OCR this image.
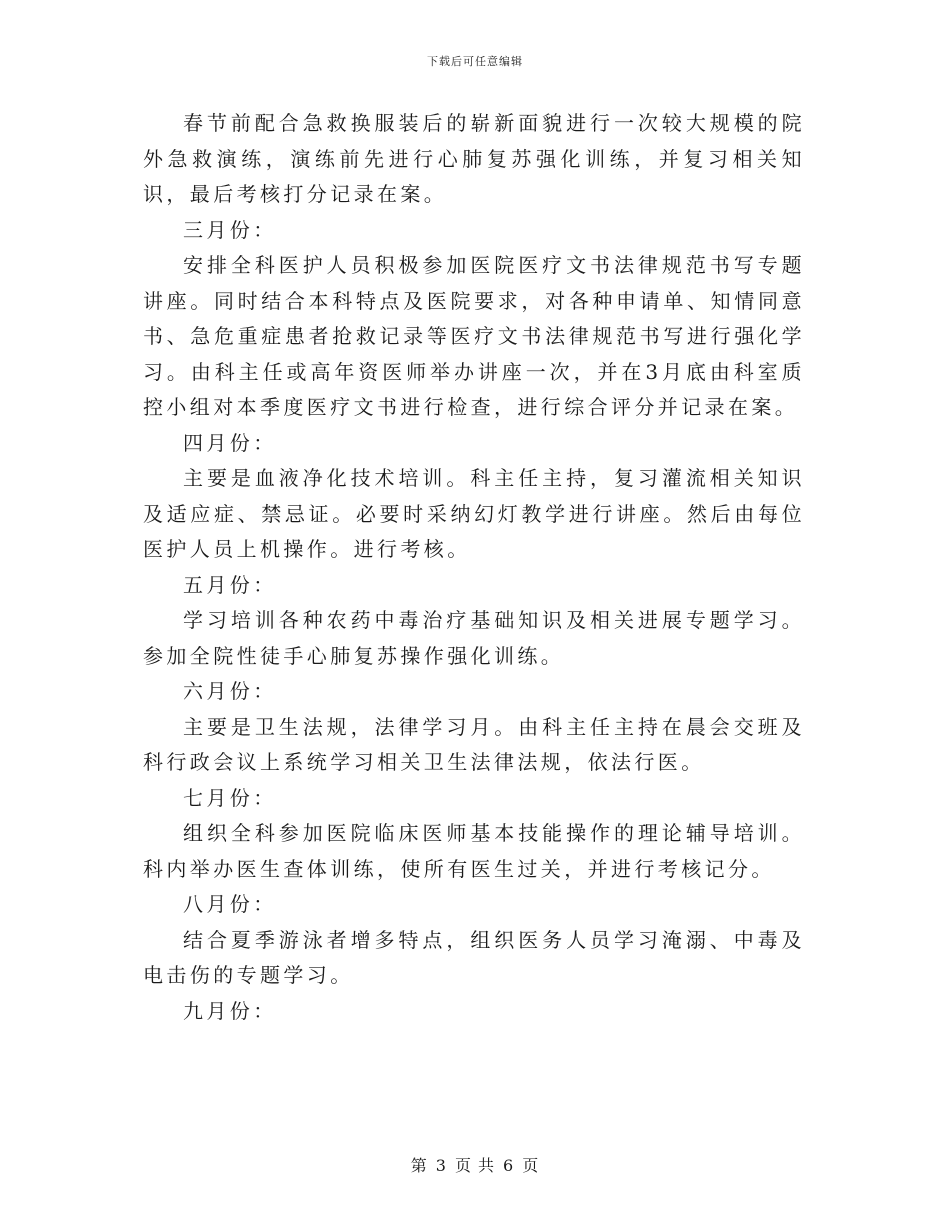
下载后可任意编辑

春节前配合急救换服装后的崭新面貌进行一次较大规模的院外急救演练，演练前先进行心肺复苏强化训练，并复习相关知识，最后考核打分记录在案。

三月份：

安排全科医护人员积极参加医院医疗文书法律规范书写专题讲座。同时结合本科特点及医院要求，对各种申请单、知情同意书、急危重症患者抢救记录等医疗文书法律规范书写进行强化学习。由科主任或高年资医师举办讲座一次，并在3月底由科室质控小组对本季度医疗文书进行检查，进行综合评分并记录在案。

四月份：

主要是血液净化技术培训。科主任主持，复习灌流相关知识及适应症、禁忌证。必要时采纳幻灯教学进行讲座。然后由每位医护人员上机操作。进行考核。

五月份：

学习培训各种农药中毒治疗基础知识及相关进展专题学习。参加全院性徒手心肺复苏操作强化训练。

六月份：

主要是卫生法规，法律学习月。由科主任主持在晨会交班及科行政会议上系统学习相关卫生法律法规，依法行医。

七月份：

组织全科参加医院临床医师基本技能操作的理论辅导培训。科内举办医生查体训练，使所有医生过关，并进行考核记分。

八月份：

结合夏季游泳者增多特点，组织医务人员学习淹溺、中毒及电击伤的专题学习。

九月份：

第 3 页 共 6 页
